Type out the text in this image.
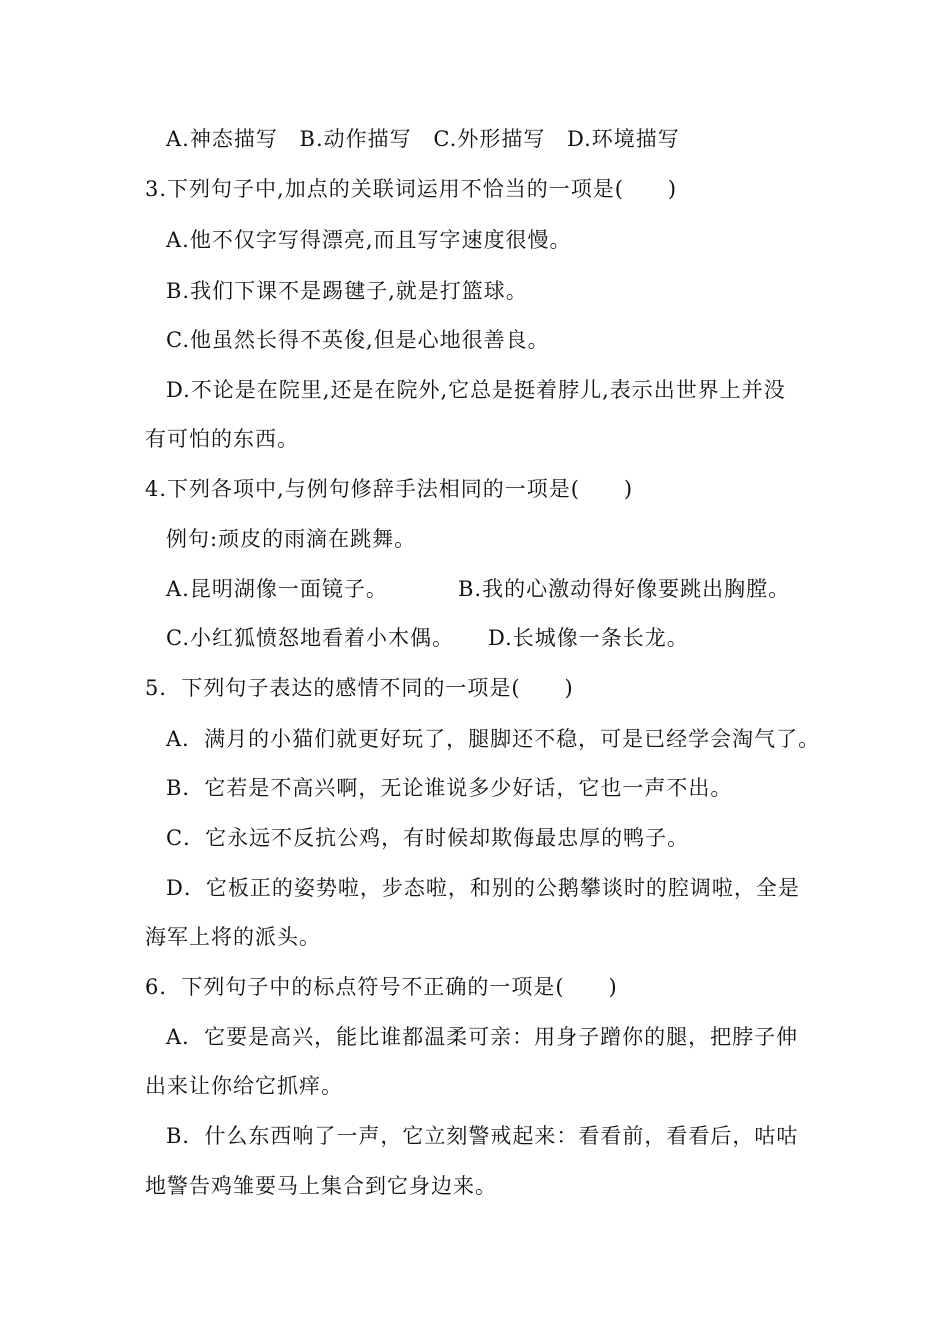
A.神态描写 B.动作描写 C.外形描写 D.环境描写
3.下列句子中,加点的关联词运用不恰当的一项是(　　)
A.他不仅字写得漂亮,而且写字速度很慢。
B.我们下课不是踢毽子,就是打篮球。
C.他虽然长得不英俊,但是心地很善良。
D.不论是在院里,还是在院外,它总是挺着脖儿,表示出世界上并没
有可怕的东西。
4.下列各项中,与例句修辞手法相同的一项是(　　)
例句:顽皮的雨滴在跳舞。
A.昆明湖像一面镜子。	B.我的心激动得好像要跳出胸膛。
C.小红狐愤怒地看着小木偶。 D.长城像一条长龙。
5．下列句子表达的感情不同的一项是(　　)
A．满月的小猫们就更好玩了，腿脚还不稳，可是已经学会淘气了。
B．它若是不高兴啊，无论谁说多少好话，它也一声不出。
C．它永远不反抗公鸡，有时候却欺侮最忠厚的鸭子。
D．它板正的姿势啦，步态啦，和别的公鹅攀谈时的腔调啦，全是
海军上将的派头。
6．下列句子中的标点符号不正确的一项是(　　)
A．它要是高兴，能比谁都温柔可亲：用身子蹭你的腿，把脖子伸
出来让你给它抓痒。
B．什么东西响了一声，它立刻警戒起来：看看前，看看后，咕咕
地警告鸡雏要马上集合到它身边来。
